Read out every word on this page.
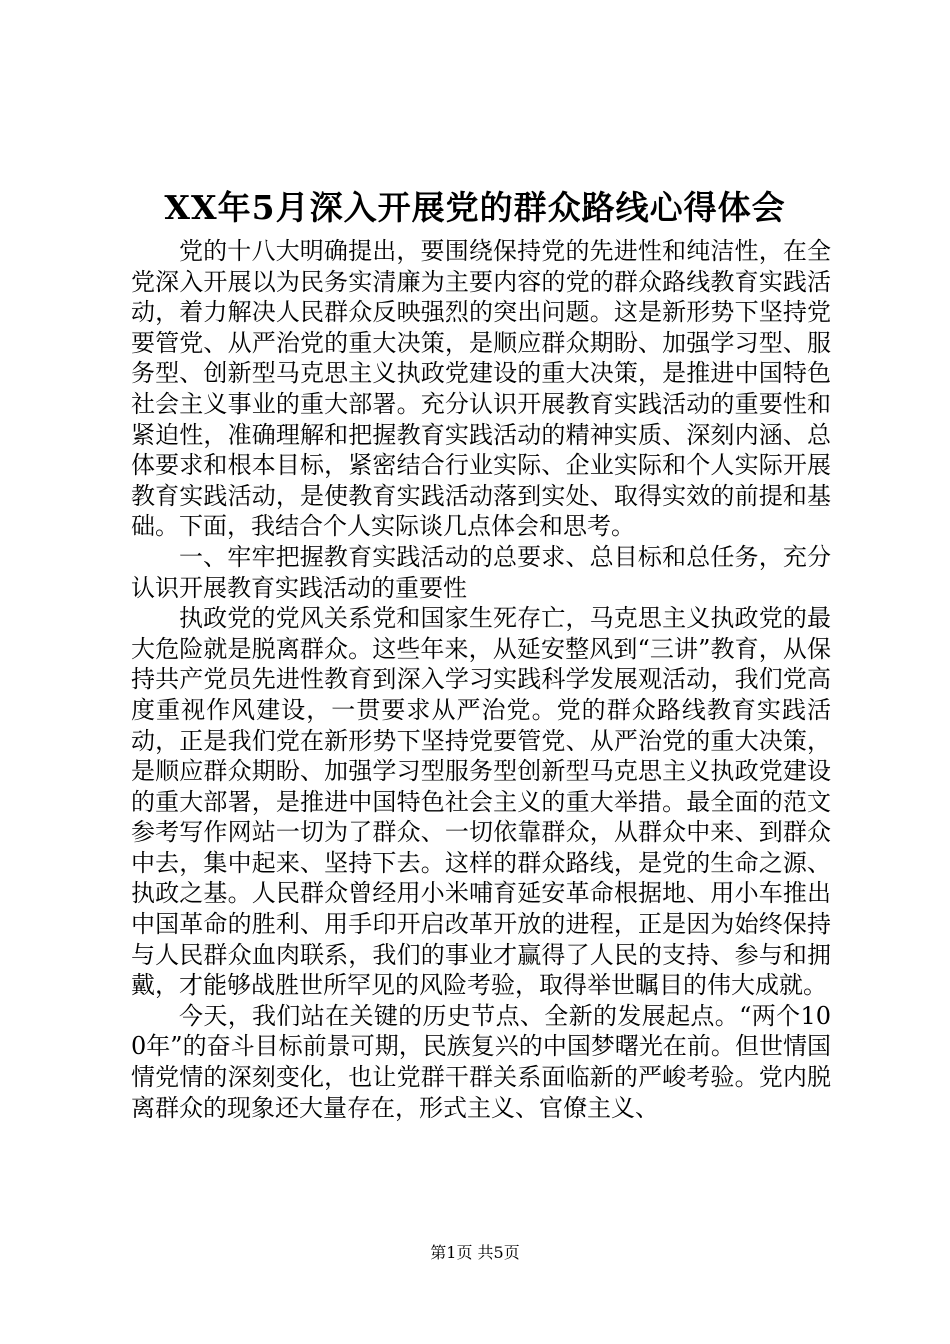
XX年5月深入开展党的群众路线心得体会

党的十八大明确提出，要围绕保持党的先进性和纯洁性，在全党深入开展以为民务实清廉为主要内容的党的群众路线教育实践活动，着力解决人民群众反映强烈的突出问题。这是新形势下坚持党要管党、从严治党的重大决策，是顺应群众期盼、加强学习型、服务型、创新型马克思主义执政党建设的重大决策，是推进中国特色社会主义事业的重大部署。充分认识开展教育实践活动的重要性和紧迫性，准确理解和把握教育实践活动的精神实质、深刻内涵、总体要求和根本目标，紧密结合行业实际、企业实际和个人实际开展教育实践活动，是使教育实践活动落到实处、取得实效的前提和基础。下面，我结合个人实际谈几点体会和思考。

一、牢牢把握教育实践活动的总要求、总目标和总任务，充分认识开展教育实践活动的重要性

执政党的党风关系党和国家生死存亡，马克思主义执政党的最大危险就是脱离群众。这些年来，从延安整风到“三讲”教育，从保持共产党员先进性教育到深入学习实践科学发展观活动，我们党高度重视作风建设，一贯要求从严治党。党的群众路线教育实践活动，正是我们党在新形势下坚持党要管党、从严治党的重大决策，是顺应群众期盼、加强学习型服务型创新型马克思主义执政党建设的重大部署，是推进中国特色社会主义的重大举措。最全面的范文参考写作网站一切为了群众、一切依靠群众，从群众中来、到群众中去，集中起来、坚持下去。这样的群众路线，是党的生命之源、执政之基。人民群众曾经用小米哺育延安革命根据地、用小车推出中国革命的胜利、用手印开启改革开放的进程，正是因为始终保持与人民群众血肉联系，我们的事业才赢得了人民的支持、参与和拥戴，才能够战胜世所罕见的风险考验，取得举世瞩目的伟大成就。

今天，我们站在关键的历史节点、全新的发展起点。“两个100年”的奋斗目标前景可期，民族复兴的中国梦曙光在前。但世情国情党情的深刻变化，也让党群干群关系面临新的严峻考验。党内脱离群众的现象还大量存在，形式主义、官僚主义、

第1页 共5页
